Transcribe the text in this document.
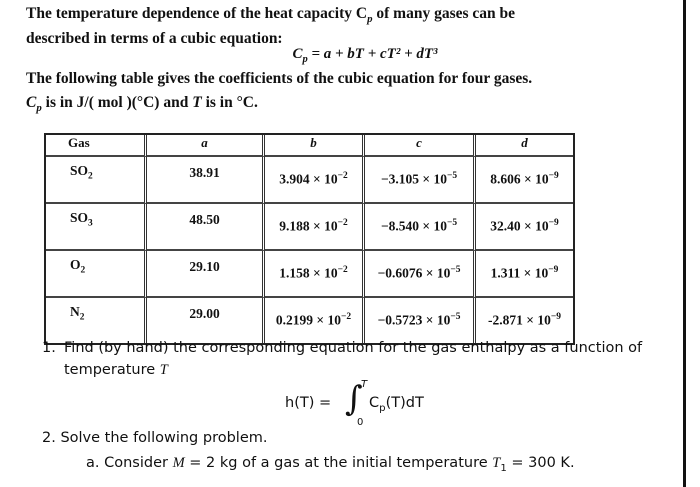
The temperature dependence of the heat capacity $C_p$ of many gases can be

described in terms of a cubic equation:

$C_p = a$ + bT + cT² + dT³
The following table gives the coefficients of the cubic equation for four gases.
$C_p$ is in J/( mol )(°C) and T is in °C.
Gas	a	b	c	d
$SO_2$	38.91	$3.904 \times 10^{-2}$	$-3.105 \times 10^{-5}$	$8.606 \times 10^{-9}$
$SO_3$	48.50	$9.188 \times 10^{-2}$	$-8.540 \times 10^{-5}$	$32.40 \times 10^{-9}$
$O_2$	29.10	$1.158 \times 10^{-2}$	$-0.6076 \times 10^{-5}$	$1.311 \times 10^{-9}$
$N_2$	29.00	$0.2199 \times 10^{-2}$	$-0.5723 \times 10^{-5}$	$-2.871 \times 10^{-9}$
1. Find (by hand) the corresponding equation for the gas enthalpy as a function of temperature T
h(T) = ∫
T
0
$C_p(T)dT$
2. Solve the following problem.
a. Consider M = 2 kg of a gas at the initial temperature $T_1 = 300$ K.
